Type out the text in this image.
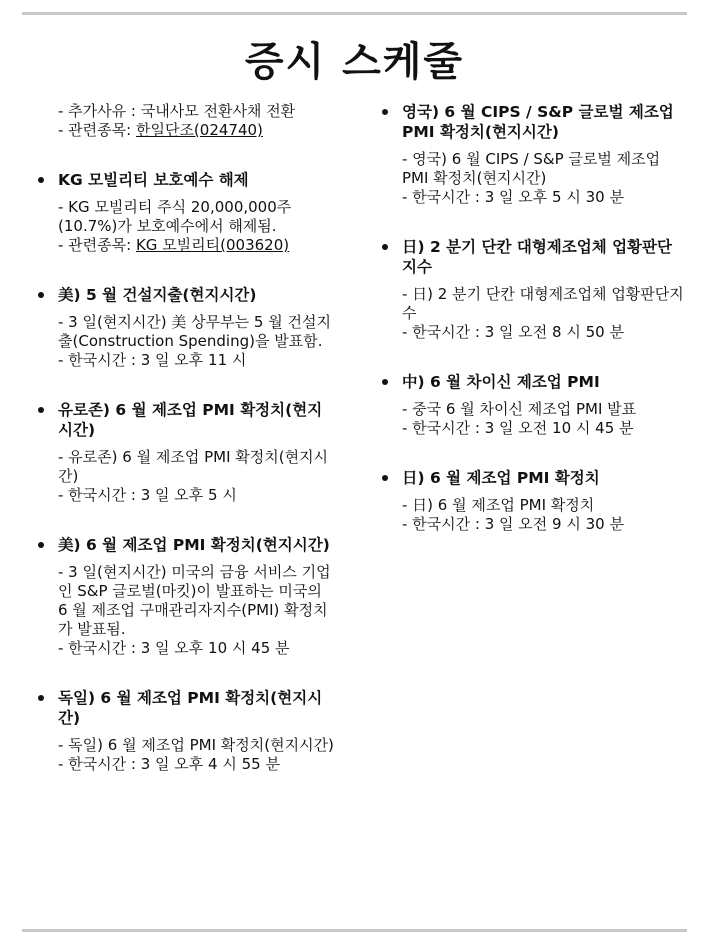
증시 스케줄

- 추가사유 : 국내사모 전환사채 전환

- 관련종목: 한일단조(024740)

KG 모빌리티 보호예수 해제

- KG 모빌리티 주식 20,000,000주(10.7%)가 보호예수에서 해제됨.

- 관련종목: KG 모빌리티(003620)

美) 5 월 건설지출(현지시간)

- 3 일(현지시간) 美 상무부는 5 월 건설지출(Construction Spending)을 발표함.

- 한국시간 : 3 일 오후 11 시

유로존) 6 월 제조업 PMI 확정치(현지시간)

- 유로존) 6 월 제조업 PMI 확정치(현지시간)

- 한국시간 : 3 일 오후 5 시

美) 6 월 제조업 PMI 확정치(현지시간)

- 3 일(현지시간) 미국의 금융 서비스 기업인 S&P 글로벌(마킷)이 발표하는 미국의 6 월 제조업 구매관리자지수(PMI) 확정치가 발표됨.

- 한국시간 : 3 일 오후 10 시 45 분

독일) 6 월 제조업 PMI 확정치(현지시간)

- 독일) 6 월 제조업 PMI 확정치(현지시간)

- 한국시간 : 3 일 오후 4 시 55 분

영국) 6 월 CIPS / S&P 글로벌 제조업 PMI 확정치(현지시간)

- 영국) 6 월 CIPS / S&P 글로벌 제조업 PMI 확정치(현지시간)

- 한국시간 : 3 일 오후 5 시 30 분

日) 2 분기 단칸 대형제조업체 업황판단지수

- 日) 2 분기 단칸 대형제조업체 업황판단지수

- 한국시간 : 3 일 오전 8 시 50 분

中) 6 월 차이신 제조업 PMI

- 중국 6 월 차이신 제조업 PMI 발표

- 한국시간 : 3 일 오전 10 시 45 분

日) 6 월 제조업 PMI 확정치

- 日) 6 월 제조업 PMI 확정치

- 한국시간 : 3 일 오전 9 시 30 분
